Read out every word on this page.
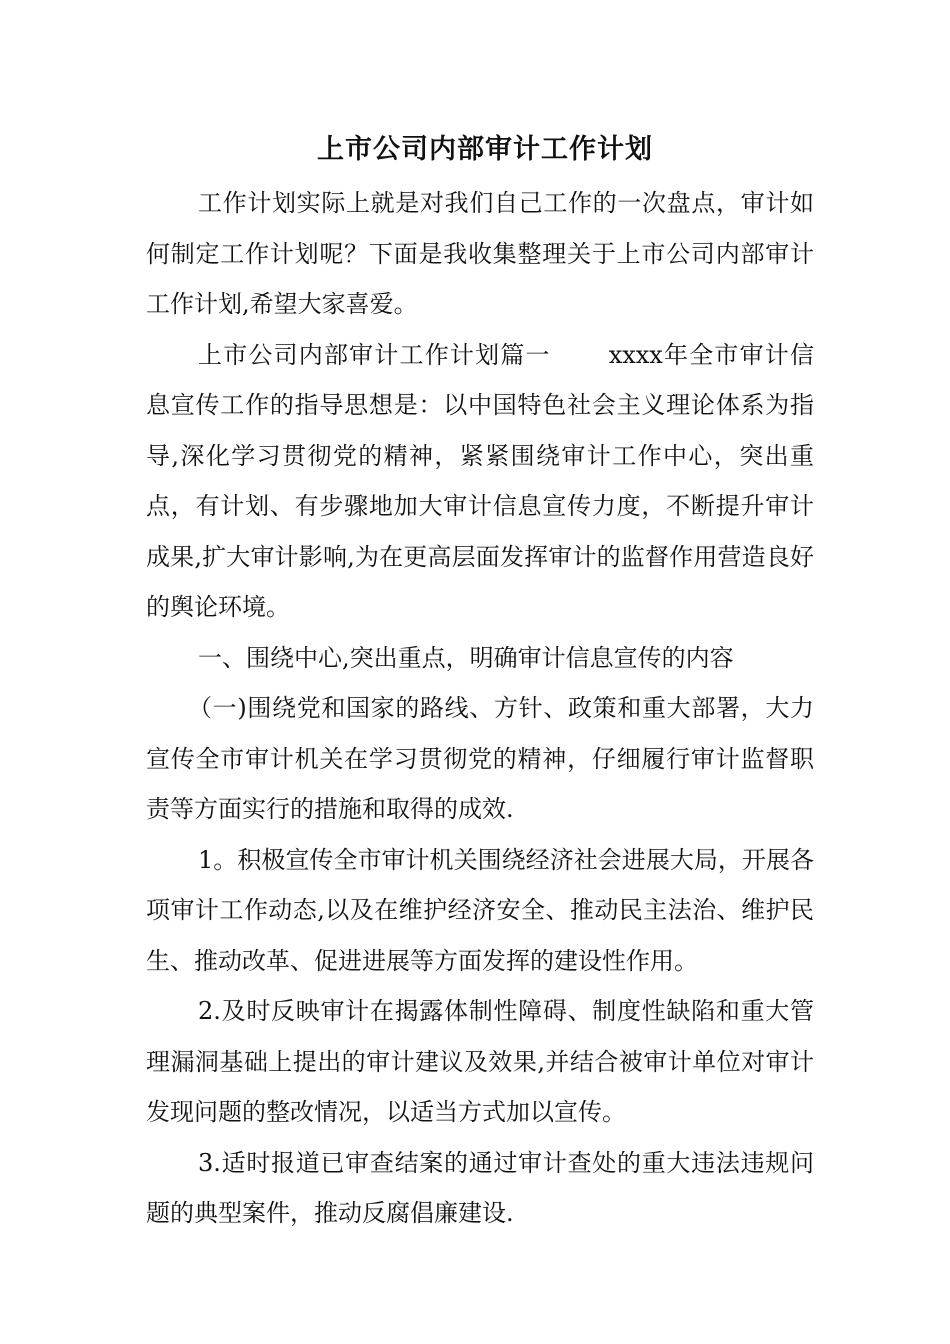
上市公司内部审计工作计划

工作计划实际上就是对我们自己工作的一次盘点，审计如何制定工作计划呢？下面是我收集整理关于上市公司内部审计工作计划,希望大家喜爱。

上市公司内部审计工作计划篇一 xxxx年全市审计信息宣传工作的指导思想是：以中国特色社会主义理论体系为指导,深化学习贯彻党的精神，紧紧围绕审计工作中心，突出重点，有计划、有步骤地加大审计信息宣传力度，不断提升审计成果,扩大审计影响,为在更高层面发挥审计的监督作用营造良好的舆论环境。

一、围绕中心,突出重点，明确审计信息宣传的内容

（一)围绕党和国家的路线、方针、政策和重大部署，大力宣传全市审计机关在学习贯彻党的精神，仔细履行审计监督职责等方面实行的措施和取得的成效.

1。积极宣传全市审计机关围绕经济社会进展大局，开展各项审计工作动态,以及在维护经济安全、推动民主法治、维护民生、推动改革、促进进展等方面发挥的建设性作用。

2.及时反映审计在揭露体制性障碍、制度性缺陷和重大管理漏洞基础上提出的审计建议及效果,并结合被审计单位对审计发现问题的整改情况，以适当方式加以宣传。

3.适时报道已审查结案的通过审计查处的重大违法违规问题的典型案件，推动反腐倡廉建设.
